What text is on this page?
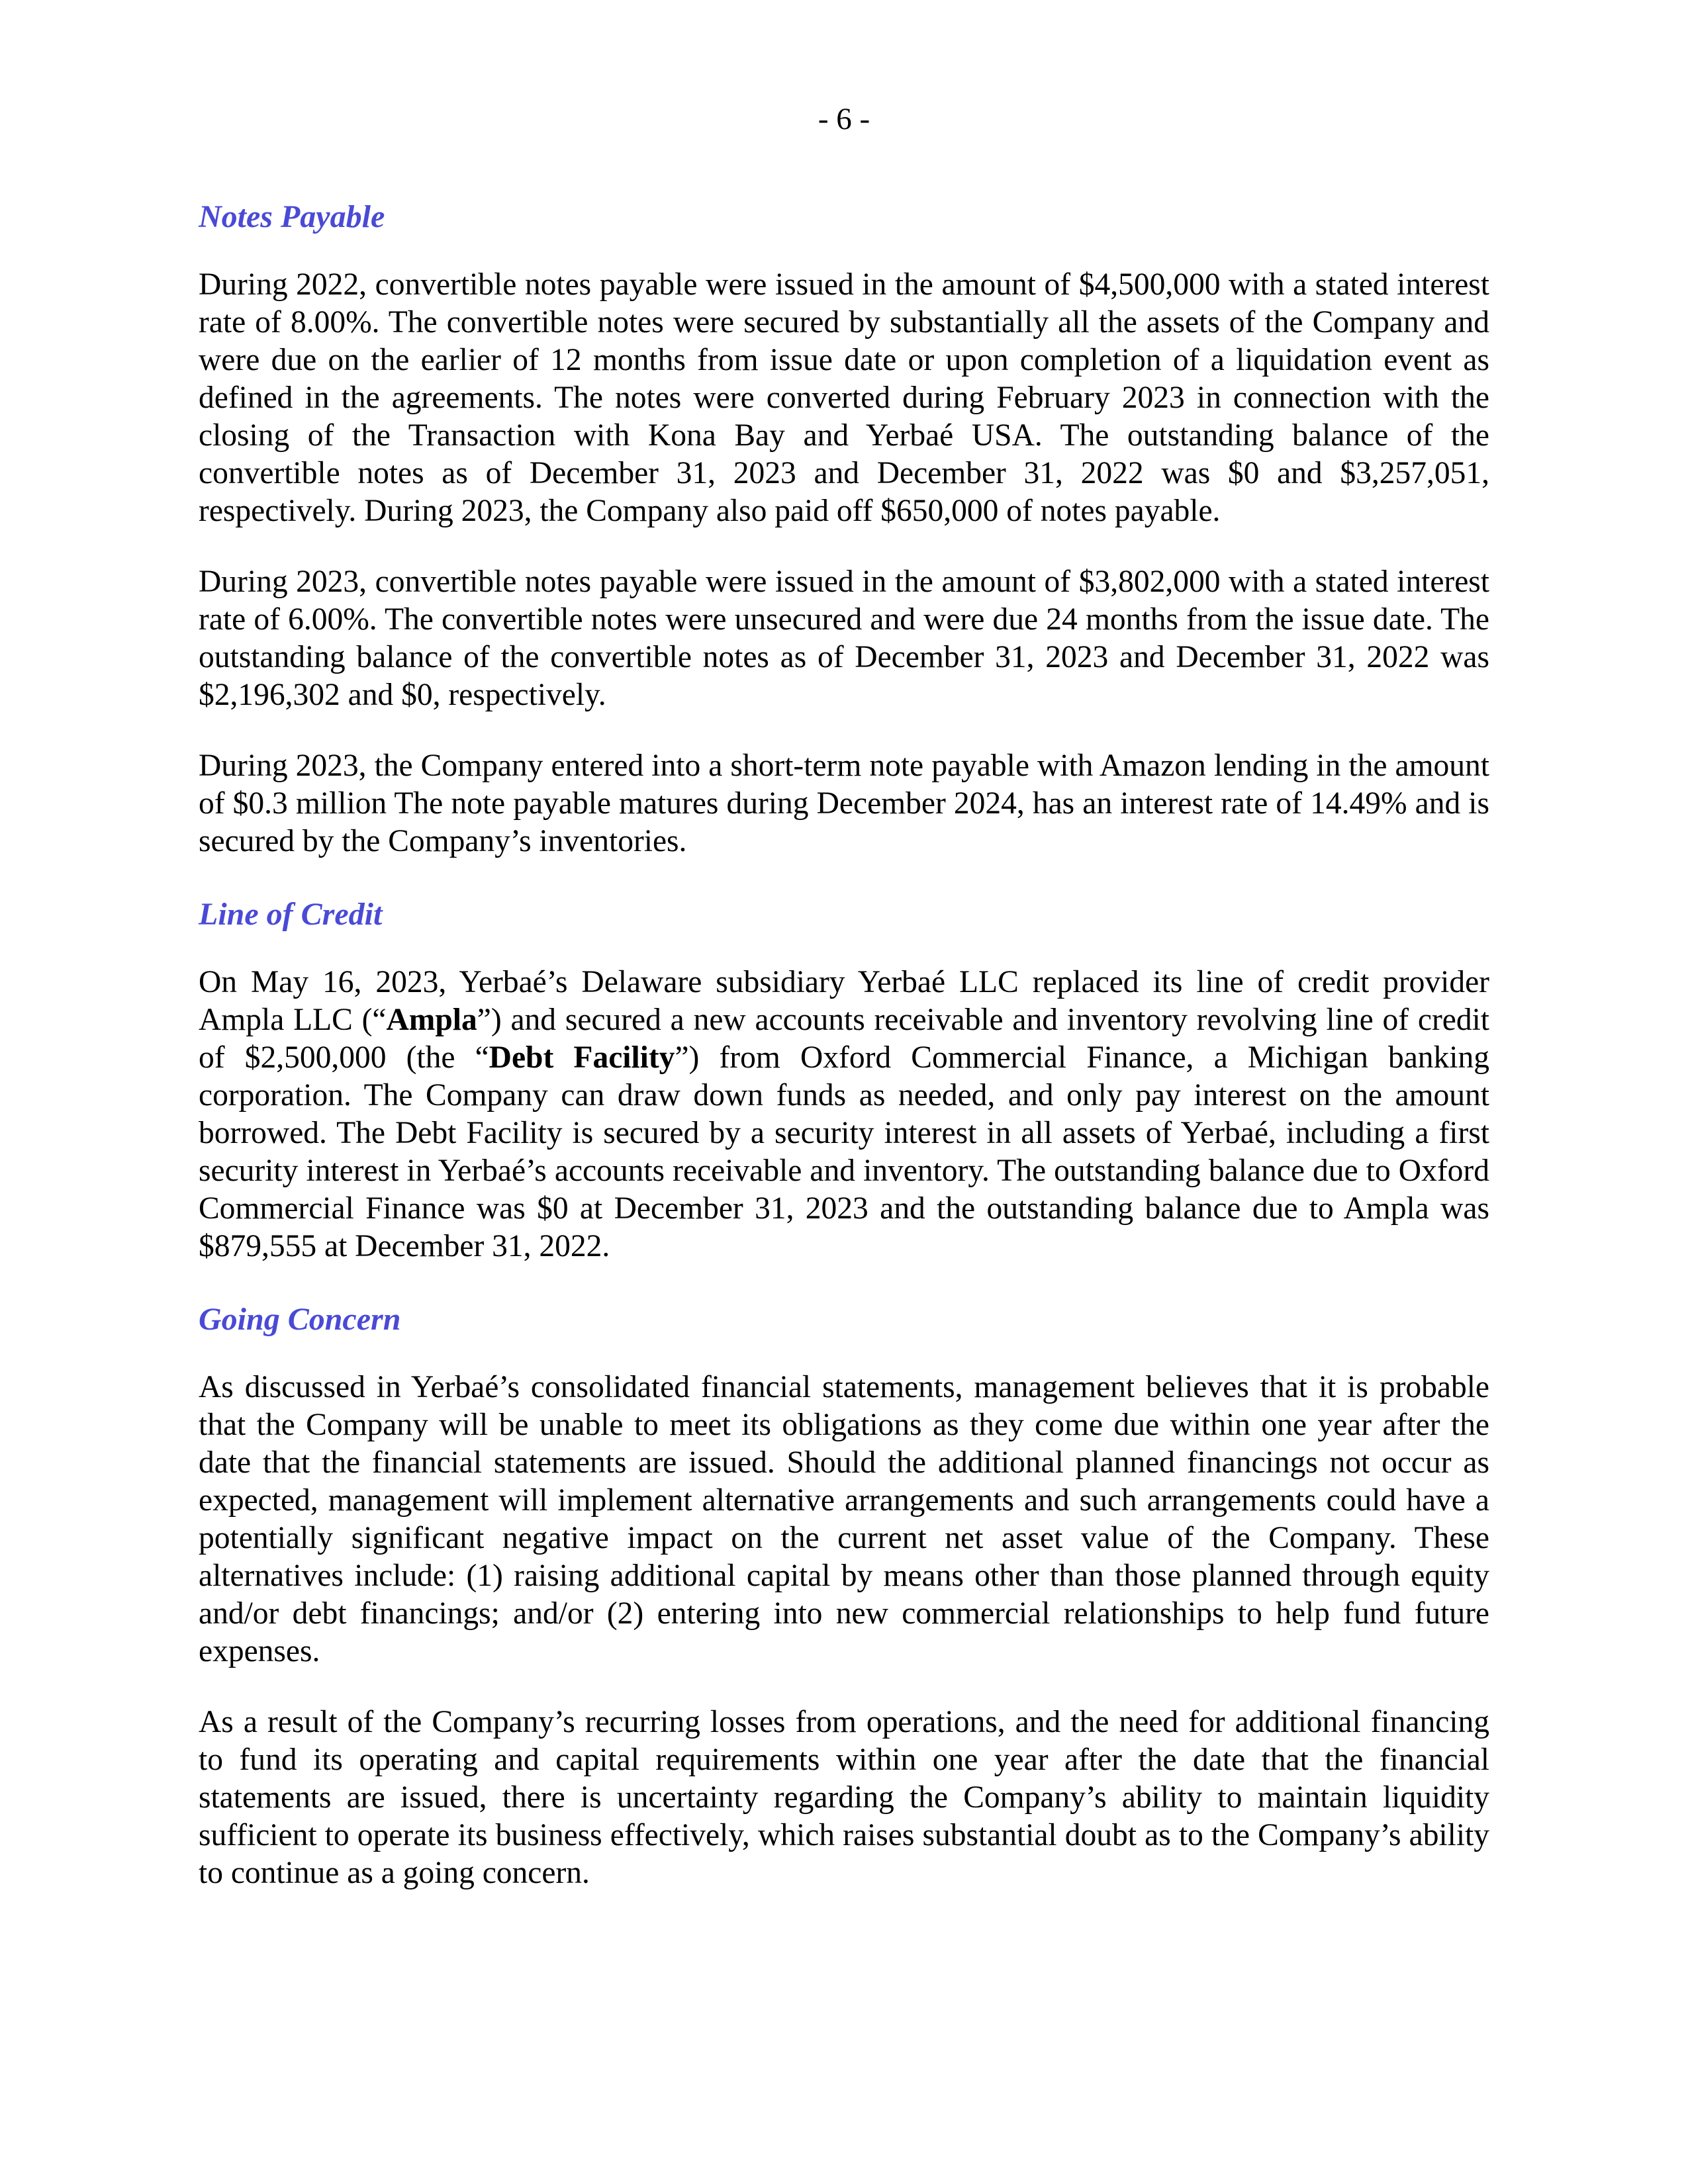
- 6 -
Notes Payable

During 2022, convertible notes payable were issued in the amount of $4,500,000 with a stated interest rate of 8.00%. The convertible notes were secured by substantially all the assets of the Company and were due on the earlier of 12 months from issue date or upon completion of a liquidation event as defined in the agreements. The notes were converted during February 2023 in connection with the closing of the Transaction with Kona Bay and Yerbaé USA. The outstanding balance of the convertible notes as of December 31, 2023 and December 31, 2022 was $0 and $3,257,051, respectively. During 2023, the Company also paid off $650,000 of notes payable.

During 2023, convertible notes payable were issued in the amount of $3,802,000 with a stated interest rate of 6.00%. The convertible notes were unsecured and were due 24 months from the issue date. The outstanding balance of the convertible notes as of December 31, 2023 and December 31, 2022 was $2,196,302 and $0, respectively.

During 2023, the Company entered into a short-term note payable with Amazon lending in the amount of $0.3 million The note payable matures during December 2024, has an interest rate of 14.49% and is secured by the Company’s inventories.

Line of Credit

On May 16, 2023, Yerbaé’s Delaware subsidiary Yerbaé LLC replaced its line of credit provider Ampla LLC (“Ampla”) and secured a new accounts receivable and inventory revolving line of credit of $2,500,000 (the “Debt Facility”) from Oxford Commercial Finance, a Michigan banking corporation. The Company can draw down funds as needed, and only pay interest on the amount borrowed. The Debt Facility is secured by a security interest in all assets of Yerbaé, including a first security interest in Yerbaé’s accounts receivable and inventory. The outstanding balance due to Oxford Commercial Finance was $0 at December 31, 2023 and the outstanding balance due to Ampla was $879,555 at December 31, 2022.

Going Concern

As discussed in Yerbaé’s consolidated financial statements, management believes that it is probable that the Company will be unable to meet its obligations as they come due within one year after the date that the financial statements are issued. Should the additional planned financings not occur as expected, management will implement alternative arrangements and such arrangements could have a potentially significant negative impact on the current net asset value of the Company. These alternatives include: (1) raising additional capital by means other than those planned through equity and/or debt financings; and/or (2) entering into new commercial relationships to help fund future expenses.

As a result of the Company’s recurring losses from operations, and the need for additional financing to fund its operating and capital requirements within one year after the date that the financial statements are issued, there is uncertainty regarding the Company’s ability to maintain liquidity sufficient to operate its business effectively, which raises substantial doubt as to the Company’s ability to continue as a going concern.
